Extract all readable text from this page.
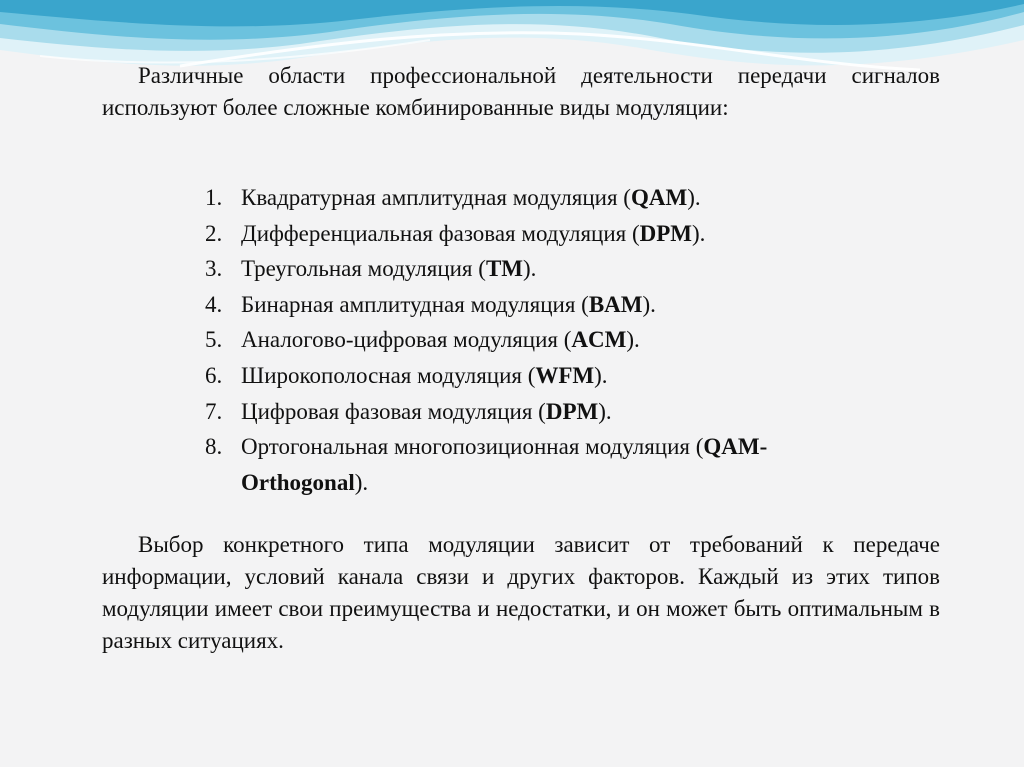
Различные области профессиональной деятельности передачи сигналов используют более сложные комбинированные виды модуляции:

1. Квадратурная амплитудная модуляция (QAM).
2. Дифференциальная фазовая модуляция (DPM).
3. Треугольная модуляция (TM).
4. Бинарная амплитудная модуляция (BAM).
5. Аналогово-цифровая модуляция (ACM).
6. Широкополосная модуляция (WFM).
7. Цифровая фазовая модуляция (DPM).
8. Ортогональная многопозиционная модуляция (QAM-Orthogonal).

Выбор конкретного типа модуляции зависит от требований к передаче информации, условий канала связи и других факторов. Каждый из этих типов модуляции имеет свои преимущества и недостатки, и он может быть оптимальным в разных ситуациях.
